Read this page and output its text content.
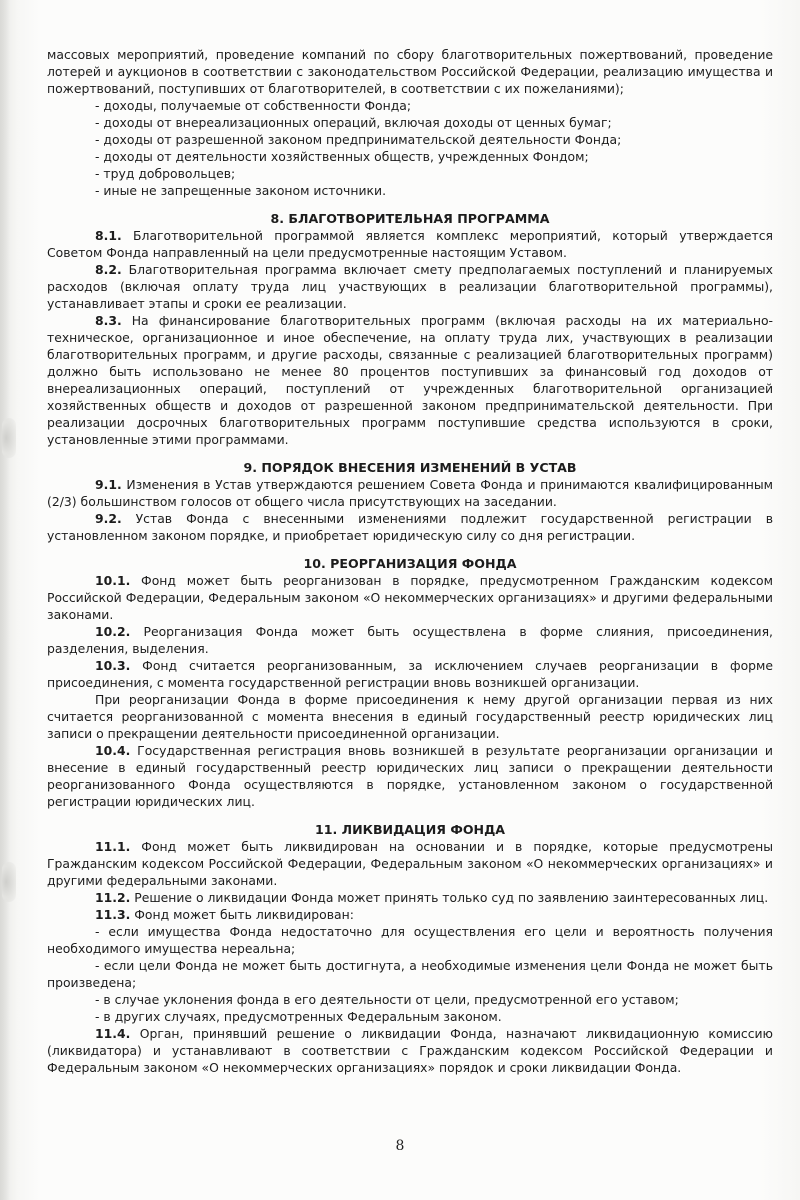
массовых мероприятий, проведение компаний по сбору благотворительных пожертвований, проведение лотерей и аукционов в соответствии с законодательством Российской Федерации, реализацию имущества и пожертвований, поступивших от благотворителей, в соответствии с их пожеланиями);

- доходы, получаемые от собственности Фонда;

- доходы от внереализационных операций, включая доходы от ценных бумаг;

- доходы от разрешенной законом предпринимательской деятельности Фонда;

- доходы от деятельности хозяйственных обществ, учрежденных Фондом;

- труд добровольцев;

- иные не запрещенные законом источники.

8. БЛАГОТВОРИТЕЛЬНАЯ ПРОГРАММА

8.1. Благотворительной программой является комплекс мероприятий, который утверждается Советом Фонда направленный на цели предусмотренные настоящим Уставом.

8.2. Благотворительная программа включает смету предполагаемых поступлений и планируемых расходов (включая оплату труда лиц участвующих в реализации благотворительной программы), устанавливает этапы и сроки ее реализации.

8.3. На финансирование благотворительных программ (включая расходы на их материально-техническое, организационное и иное обеспечение, на оплату труда лих, участвующих в реализации благотворительных программ, и другие расходы, связанные с реализацией благотворительных программ) должно быть использовано не менее 80 процентов поступивших за финансовый год доходов от внереализационных операций, поступлений от учрежденных благотворительной организацией хозяйственных обществ и доходов от разрешенной законом предпринимательской деятельности. При реализации досрочных благотворительных программ поступившие средства используются в сроки, установленные этими программами.

9. ПОРЯДОК ВНЕСЕНИЯ ИЗМЕНЕНИЙ В УСТАВ

9.1. Изменения в Устав утверждаются решением Совета Фонда и принимаются квалифицированным (2/3) большинством голосов от общего числа присутствующих на заседании.

9.2. Устав Фонда с внесенными изменениями подлежит государственной регистрации в установленном законом порядке, и приобретает юридическую силу со дня регистрации.

10. РЕОРГАНИЗАЦИЯ ФОНДА

10.1. Фонд может быть реорганизован в порядке, предусмотренном Гражданским кодексом Российской Федерации, Федеральным законом «О некоммерческих организациях» и другими федеральными законами.

10.2. Реорганизация Фонда может быть осуществлена в форме слияния, присоединения, разделения, выделения.

10.3. Фонд считается реорганизованным, за исключением случаев реорганизации в форме присоединения, с момента государственной регистрации вновь возникшей организации.

При реорганизации Фонда в форме присоединения к нему другой организации первая из них считается реорганизованной с момента внесения в единый государственный реестр юридических лиц записи о прекращении деятельности присоединенной организации.

10.4. Государственная регистрация вновь возникшей в результате реорганизации организации и внесение в единый государственный реестр юридических лиц записи о прекращении деятельности реорганизованного Фонда осуществляются в порядке, установленном законом о государственной регистрации юридических лиц.

11. ЛИКВИДАЦИЯ ФОНДА

11.1. Фонд может быть ликвидирован на основании и в порядке, которые предусмотрены Гражданским кодексом Российской Федерации, Федеральным законом «О некоммерческих организациях» и другими федеральными законами.

11.2. Решение о ликвидации Фонда может принять только суд по заявлению заинтересованных лиц.

11.3. Фонд может быть ликвидирован:

- если имущества Фонда недостаточно для осуществления его цели и вероятность получения необходимого имущества нереальна;

- если цели Фонда не может быть достигнута, а необходимые изменения цели Фонда не может быть произведена;

- в случае уклонения фонда в его деятельности от цели, предусмотренной его уставом;

- в других случаях, предусмотренных Федеральным законом.

11.4. Орган, принявший решение о ликвидации Фонда, назначают ликвидационную комиссию (ликвидатора) и устанавливают в соответствии с Гражданским кодексом Российской Федерации и Федеральным законом «О некоммерческих организациях» порядок и сроки ликвидации Фонда.

8
